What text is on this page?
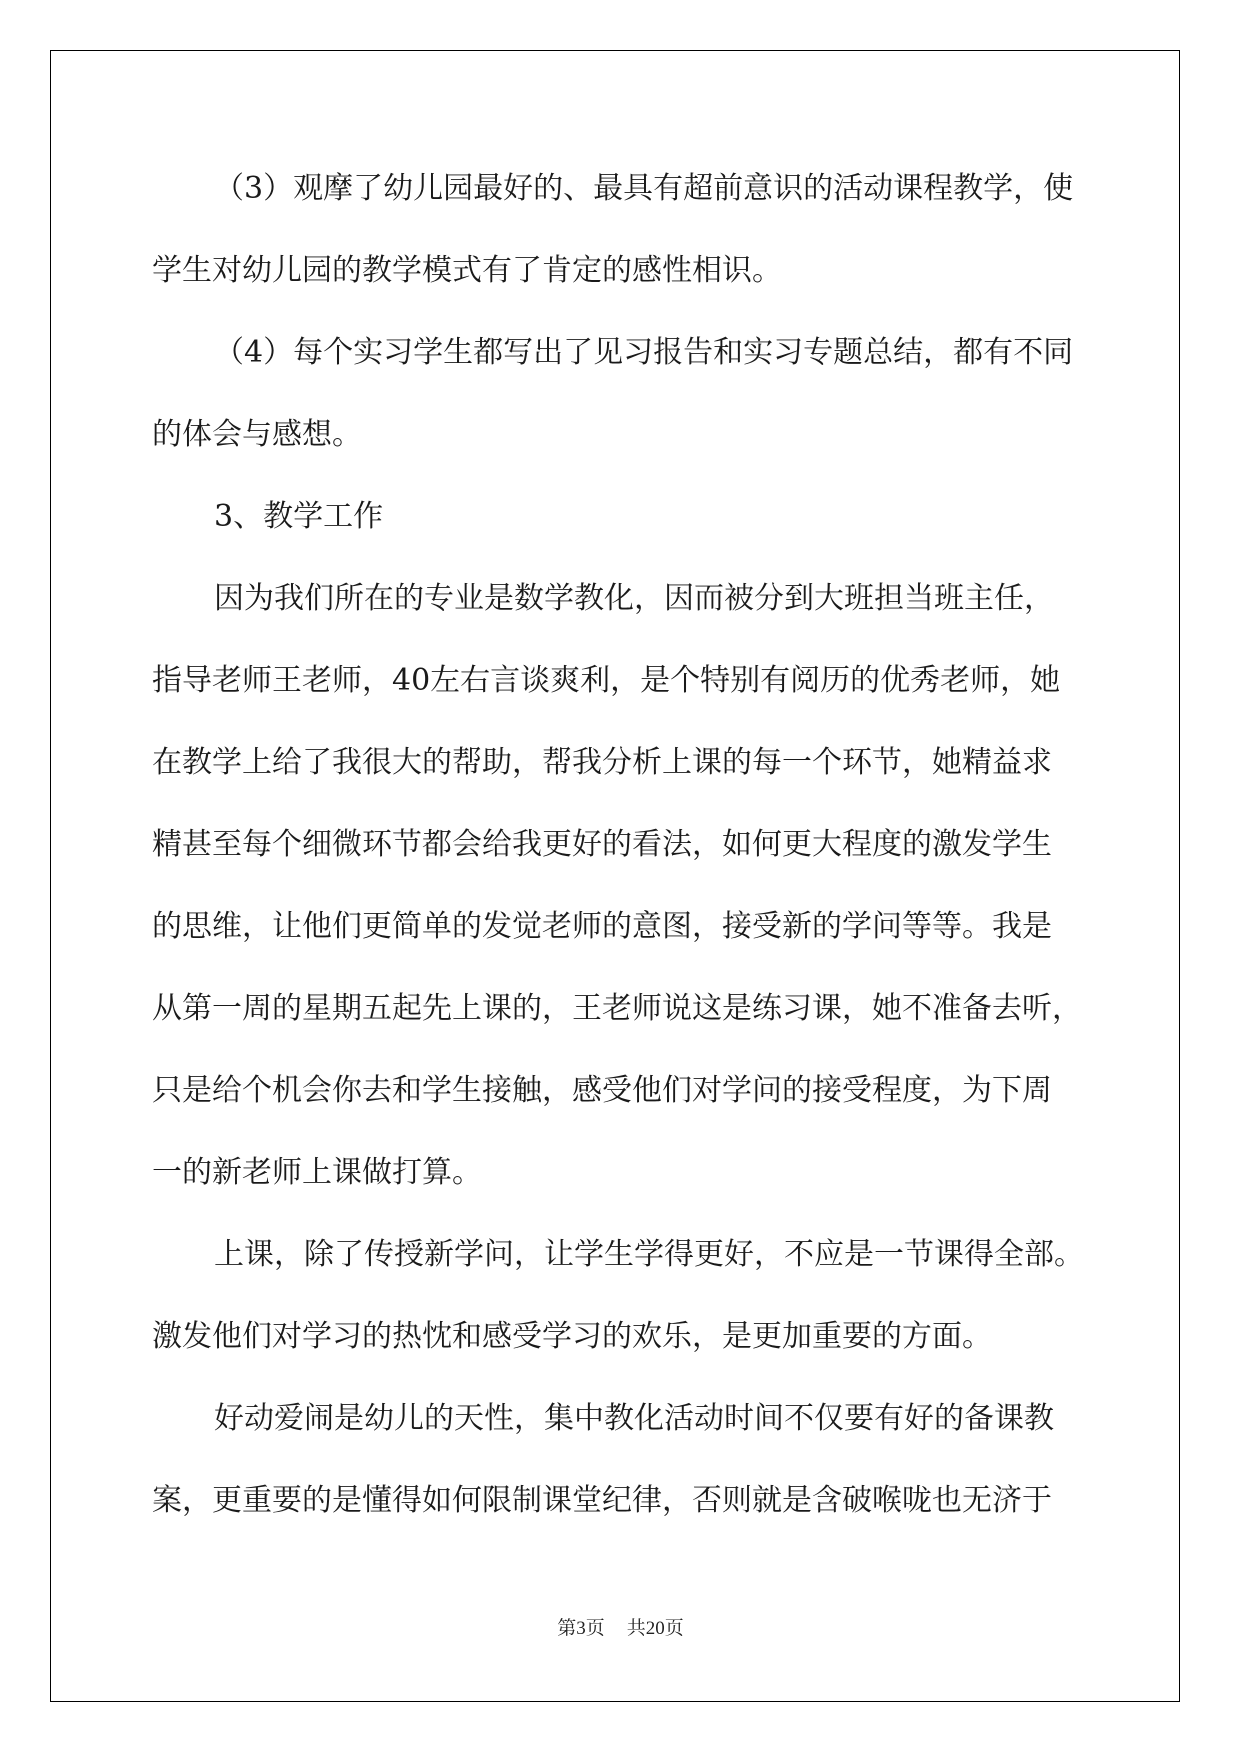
（3）观摩了幼儿园最好的、最具有超前意识的活动课程教学，使
学生对幼儿园的教学模式有了肯定的感性相识。
（4）每个实习学生都写出了见习报告和实习专题总结，都有不同
的体会与感想。
3、教学工作
因为我们所在的专业是数学教化，因而被分到大班担当班主任，
指导老师王老师，40左右言谈爽利，是个特别有阅历的优秀老师，她
在教学上给了我很大的帮助，帮我分析上课的每一个环节，她精益求
精甚至每个细微环节都会给我更好的看法，如何更大程度的激发学生
的思维，让他们更简单的发觉老师的意图，接受新的学问等等。我是
从第一周的星期五起先上课的，王老师说这是练习课，她不准备去听，
只是给个机会你去和学生接触，感受他们对学问的接受程度，为下周
一的新老师上课做打算。
上课，除了传授新学问，让学生学得更好，不应是一节课得全部。
激发他们对学习的热忱和感受学习的欢乐，是更加重要的方面。
好动爱闹是幼儿的天性，集中教化活动时间不仅要有好的备课教
案，更重要的是懂得如何限制课堂纪律，否则就是含破喉咙也无济于
第3页 共20页
